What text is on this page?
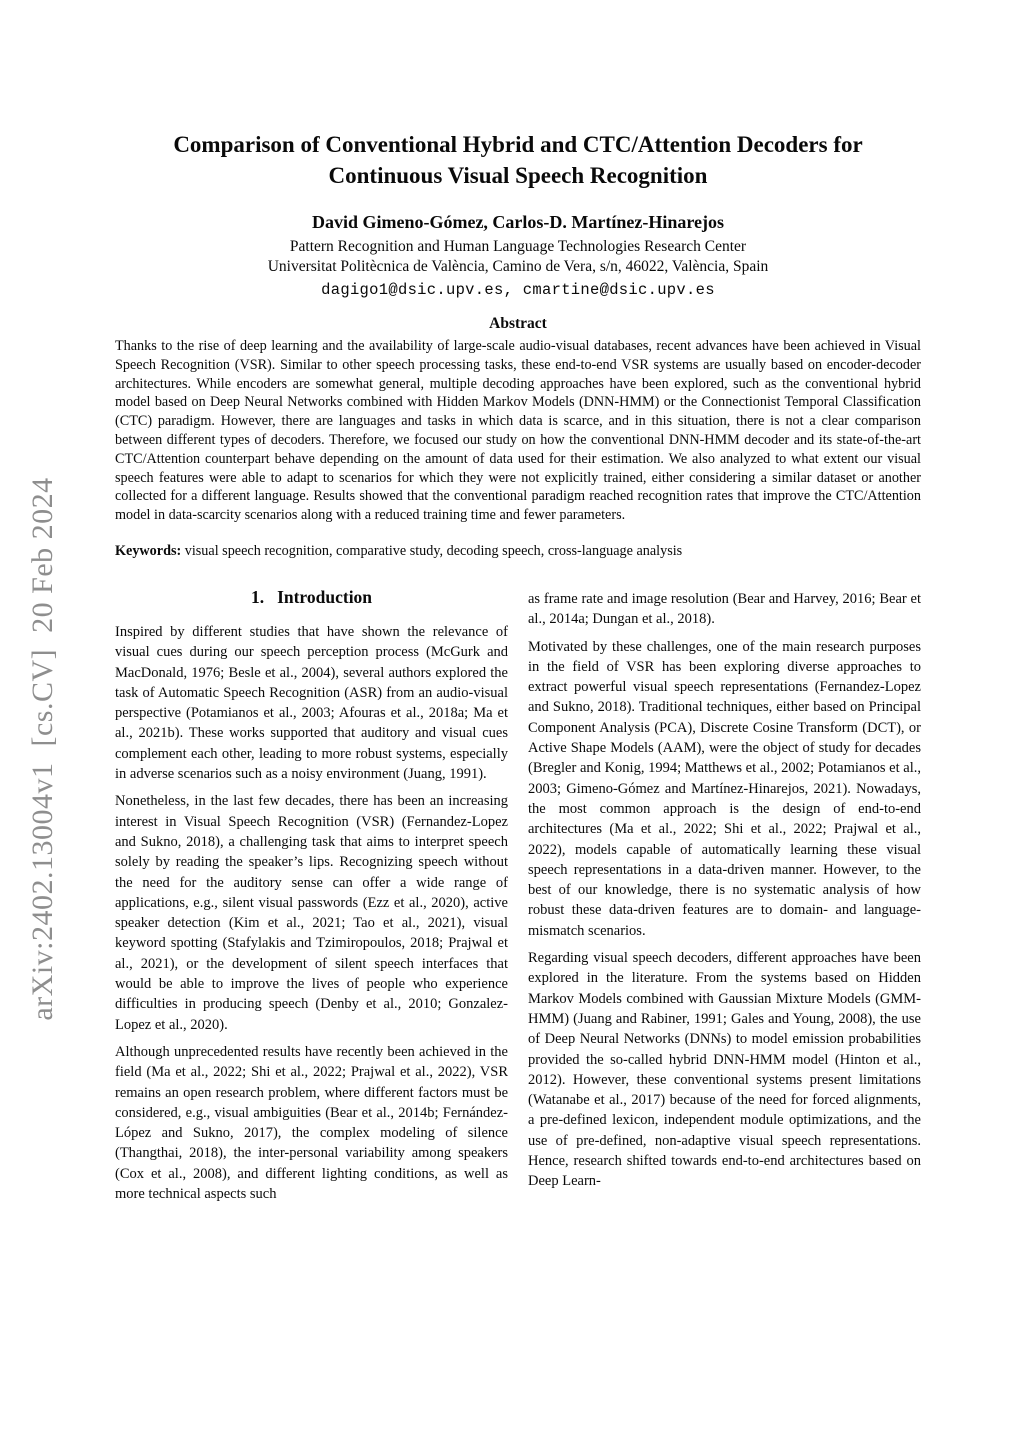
arXiv:2402.13004v1  [cs.CV]  20 Feb 2024
Comparison of Conventional Hybrid and CTC/Attention Decoders for
Continuous Visual Speech Recognition
David Gimeno-Gómez, Carlos-D. Martínez-Hinarejos
Pattern Recognition and Human Language Technologies Research Center
Universitat Politècnica de València, Camino de Vera, s/n, 46022, València, Spain
dagigo1@dsic.upv.es, cmartine@dsic.upv.es
Abstract

Thanks to the rise of deep learning and the availability of large-scale audio-visual databases, recent advances have been achieved in Visual Speech Recognition (VSR). Similar to other speech processing tasks, these end-to-end VSR systems are usually based on encoder-decoder architectures. While encoders are somewhat general, multiple decoding approaches have been explored, such as the conventional hybrid model based on Deep Neural Networks combined with Hidden Markov Models (DNN-HMM) or the Connectionist Temporal Classification (CTC) paradigm. However, there are languages and tasks in which data is scarce, and in this situation, there is not a clear comparison between different types of decoders. Therefore, we focused our study on how the conventional DNN-HMM decoder and its state-of-the-art CTC/Attention counterpart behave depending on the amount of data used for their estimation. We also analyzed to what extent our visual speech features were able to adapt to scenarios for which they were not explicitly trained, either considering a similar dataset or another collected for a different language. Results showed that the conventional paradigm reached recognition rates that improve the CTC/Attention model in data-scarcity scenarios along with a reduced training time and fewer parameters.

Keywords: visual speech recognition, comparative study, decoding speech, cross-language analysis

1. Introduction

Inspired by different studies that have shown the relevance of visual cues during our speech perception process (McGurk and MacDonald, 1976; Besle et al., 2004), several authors explored the task of Automatic Speech Recognition (ASR) from an audio-visual perspective (Potamianos et al., 2003; Afouras et al., 2018a; Ma et al., 2021b). These works supported that auditory and visual cues complement each other, leading to more robust systems, especially in adverse scenarios such as a noisy environment (Juang, 1991).

Nonetheless, in the last few decades, there has been an increasing interest in Visual Speech Recognition (VSR) (Fernandez-Lopez and Sukno, 2018), a challenging task that aims to interpret speech solely by reading the speaker’s lips. Recognizing speech without the need for the auditory sense can offer a wide range of applications, e.g., silent visual passwords (Ezz et al., 2020), active speaker detection (Kim et al., 2021; Tao et al., 2021), visual keyword spotting (Stafylakis and Tzimiropoulos, 2018; Prajwal et al., 2021), or the development of silent speech interfaces that would be able to improve the lives of people who experience difficulties in producing speech (Denby et al., 2010; Gonzalez-Lopez et al., 2020).

Although unprecedented results have recently been achieved in the field (Ma et al., 2022; Shi et al., 2022; Prajwal et al., 2022), VSR remains an open research problem, where different factors must be considered, e.g., visual ambiguities (Bear et al., 2014b; Fernández-López and Sukno, 2017), the complex modeling of silence (Thangthai, 2018), the inter-personal variability among speakers (Cox et al., 2008), and different lighting conditions, as well as more technical aspects such

as frame rate and image resolution (Bear and Harvey, 2016; Bear et al., 2014a; Dungan et al., 2018).

Motivated by these challenges, one of the main research purposes in the field of VSR has been exploring diverse approaches to extract powerful visual speech representations (Fernandez-Lopez and Sukno, 2018). Traditional techniques, either based on Principal Component Analysis (PCA), Discrete Cosine Transform (DCT), or Active Shape Models (AAM), were the object of study for decades (Bregler and Konig, 1994; Matthews et al., 2002; Potamianos et al., 2003; Gimeno-Gómez and Martínez-Hinarejos, 2021). Nowadays, the most common approach is the design of end-to-end architectures (Ma et al., 2022; Shi et al., 2022; Prajwal et al., 2022), models capable of automatically learning these visual speech representations in a data-driven manner. However, to the best of our knowledge, there is no systematic analysis of how robust these data-driven features are to domain- and language-mismatch scenarios.

Regarding visual speech decoders, different approaches have been explored in the literature. From the systems based on Hidden Markov Models combined with Gaussian Mixture Models (GMM-HMM) (Juang and Rabiner, 1991; Gales and Young, 2008), the use of Deep Neural Networks (DNNs) to model emission probabilities provided the so-called hybrid DNN-HMM model (Hinton et al., 2012). However, these conventional systems present limitations (Watanabe et al., 2017) because of the need for forced alignments, a pre-defined lexicon, independent module optimizations, and the use of pre-defined, non-adaptive visual speech representations. Hence, research shifted towards end-to-end architectures based on Deep Learn-
